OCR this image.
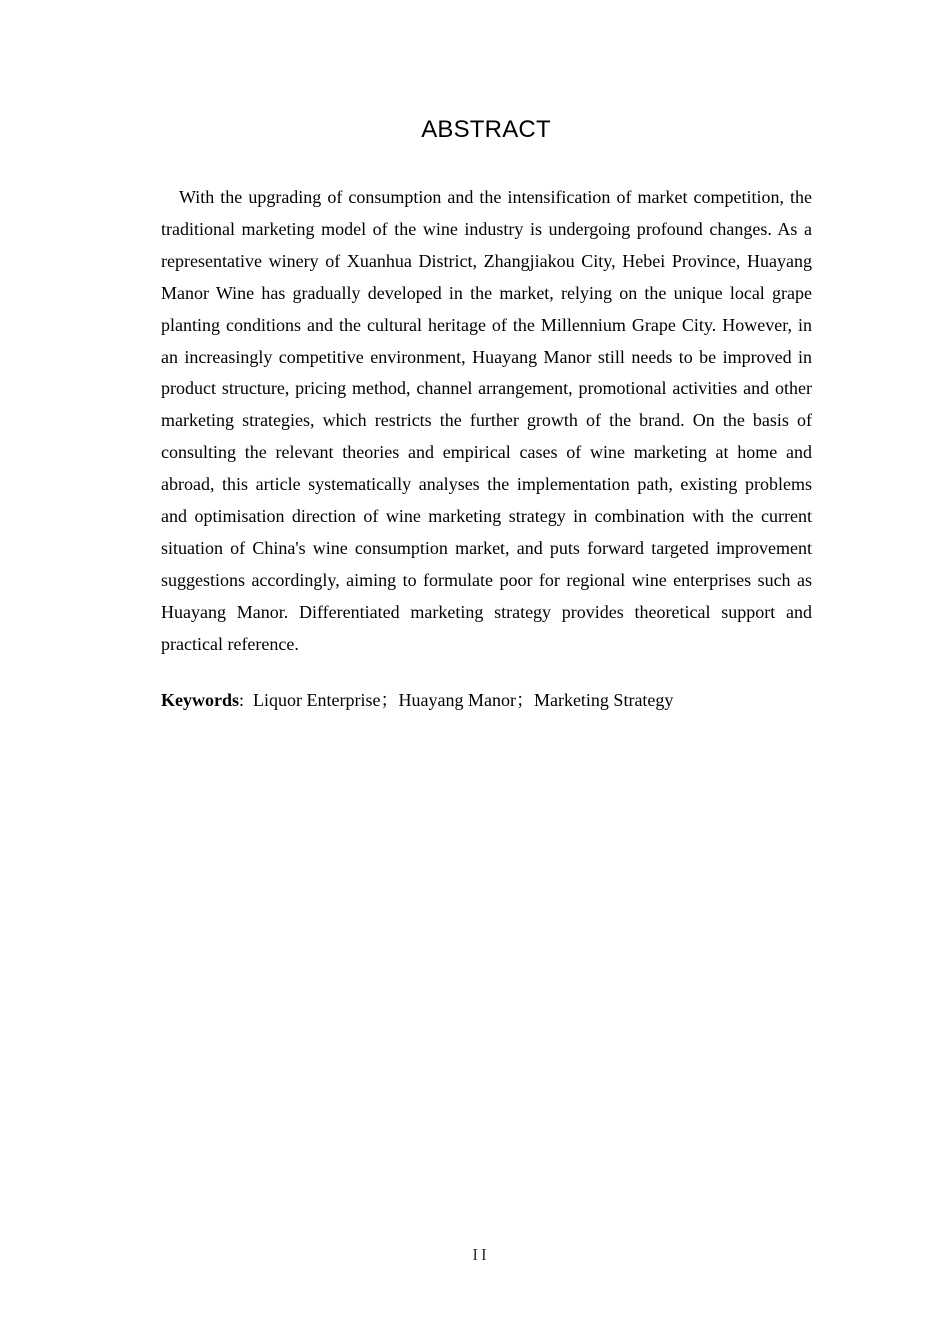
ABSTRACT

With the upgrading of consumption and the intensification of market competition, the traditional marketing model of the wine industry is undergoing profound changes. As a representative winery of Xuanhua District, Zhangjiakou City, Hebei Province, Huayang Manor Wine has gradually developed in the market, relying on the unique local grape planting conditions and the cultural heritage of the Millennium Grape City. However, in an increasingly competitive environment, Huayang Manor still needs to be improved in product structure, pricing method, channel arrangement, promotional activities and other marketing strategies, which restricts the further growth of the brand. On the basis of consulting the relevant theories and empirical cases of wine marketing at home and abroad, this article systematically analyses the implementation path, existing problems and optimisation direction of wine marketing strategy in combination with the current situation of China's wine consumption market, and puts forward targeted improvement suggestions accordingly, aiming to formulate poor for regional wine enterprises such as Huayang Manor. Differentiated marketing strategy provides theoretical support and practical reference.

Keywords: Liquor Enterprise；Huayang Manor；Marketing Strategy

II
